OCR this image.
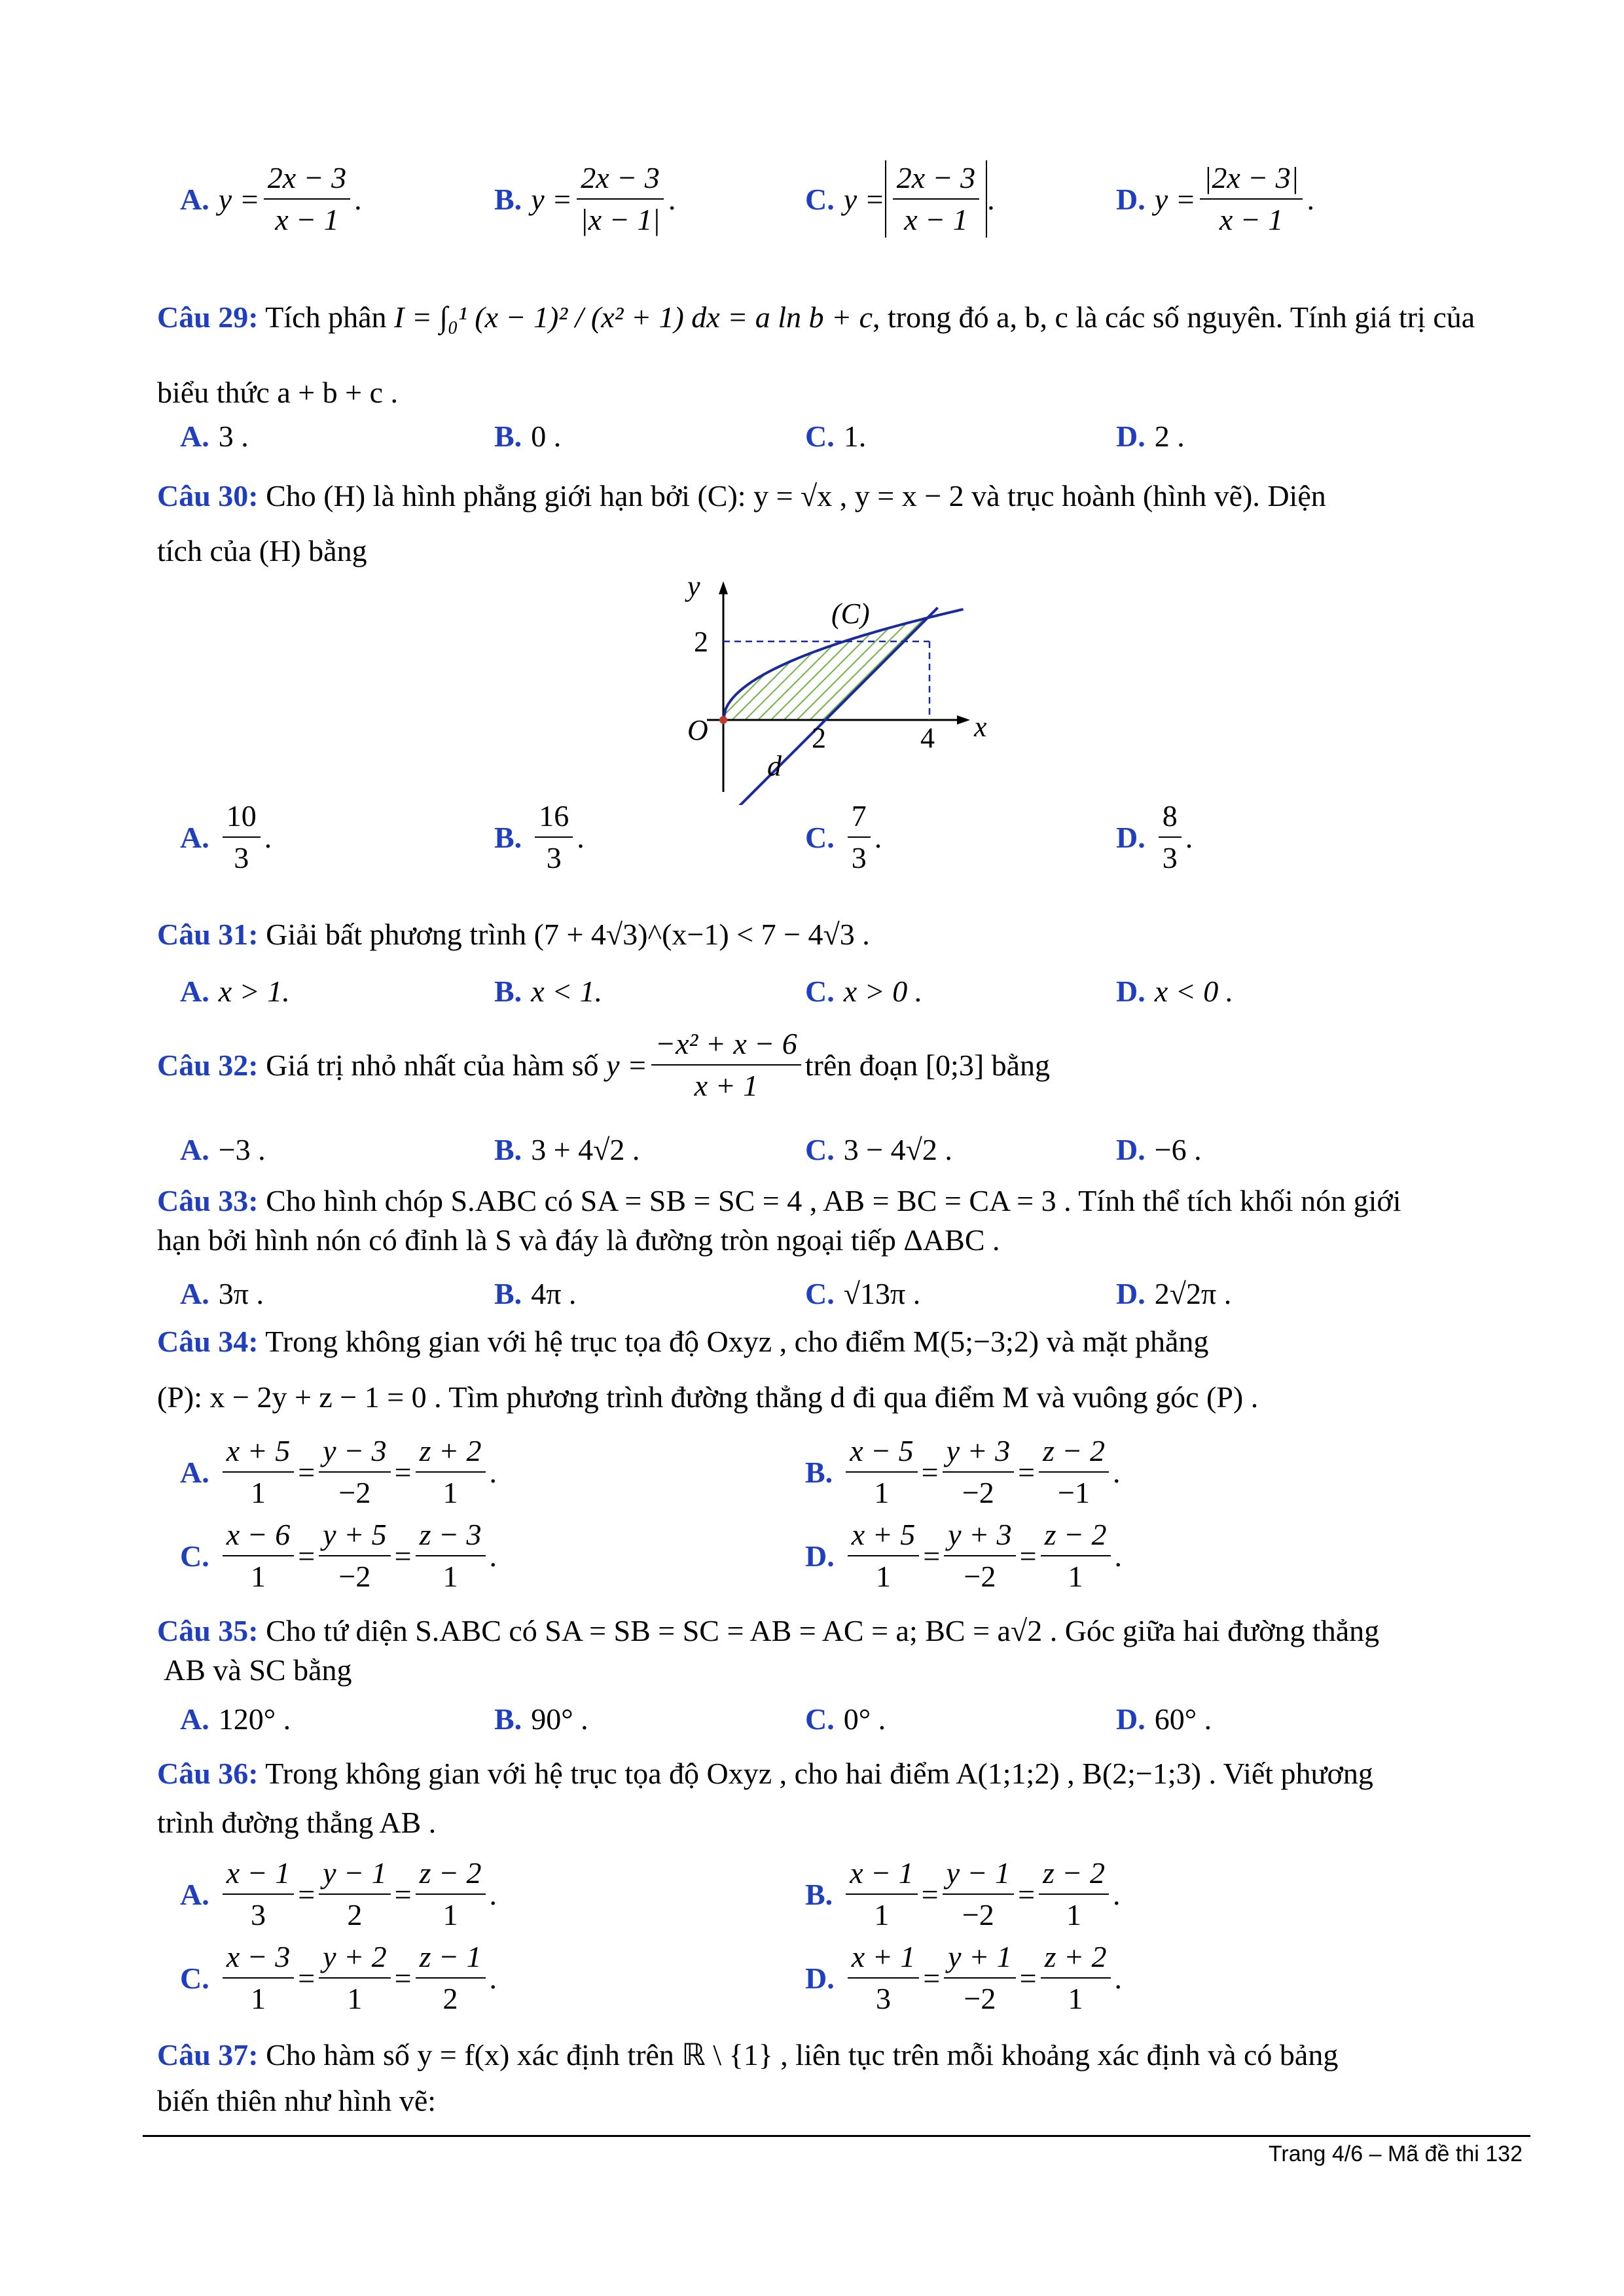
A. $y = \frac{2x - 3}{x - 1}$ .	B. $y = \frac{2x - 3}{|x - 1|}$ .	C. $y = \frac{2x - 3}{x - 1}$ .	D. $y = \frac{|2x - 3|}{x - 1}$ .
Câu 29: Tích phân I = ∫₀¹ (x − 1)² / (x² + 1) dx = a ln b + c, trong đó a, b, c là các số nguyên. Tính giá trị của
biểu thức a + b + c .
A. 3 .	B. 0 .	C. 1.	D. 2 .
Câu 30: Cho (H) là hình phẳng giới hạn bởi (C): y = √x , y = x − 2 và trục hoành (hình vẽ). Diện
tích của (H) bằng
y
x
O
2
2	4
(C)
d
A. $\frac{10}{3}$ .	B. $\frac{16}{3}$ .	C. $\frac{7}{3}$ .	D. $\frac{8}{3}$ .
Câu 31: Giải bất phương trình (7 + 4√3)^(x−1) < 7 − 4√3 .
A. x > 1.	B. x < 1.	C. x > 0 .	D. x < 0 .
Câu 32:
Giá trị nhỏ nhất của hàm số
$y = \frac{\text{−x² + x − 6}}{x + 1}$ trên đoạn [0;3] bằng
A. −3 .	B. 3 + 4√2 .	C. 3 − 4√2 .	D. −6 .
Câu 33: Cho hình chóp S.ABC có SA = SB = SC = 4 , AB = BC = CA = 3 . Tính thể tích khối nón giới
hạn bởi hình nón có đỉnh là S và đáy là đường tròn ngoại tiếp ΔABC .
A. 3π .	B. 4π .	C. √13π .	D. 2√2π .
Câu 34: Trong không gian với hệ trục tọa độ Oxyz , cho điểm M(5;−3;2) và mặt phẳng
(P): x − 2y + z − 1 = 0 . Tìm phương trình đường thẳng d đi qua điểm M và vuông góc (P) .
A. $\frac{x + 5}{1} = \frac{y - 3}{-2} = \frac{z + 2}{1}$ .	B. $\frac{x - 5}{1} = \frac{y + 3}{-2} = \frac{z - 2}{-1}$ .
C. $\frac{x - 6}{1} = \frac{y + 5}{-2} = \frac{z - 3}{1}$ .	D. $\frac{x + 5}{1} = \frac{y + 3}{-2} = \frac{z - 2}{1}$ .
Câu 35: Cho tứ diện S.ABC có SA = SB = SC = AB = AC = a; BC = a√2 . Góc giữa hai đường thẳng
AB và SC bằng
A. 120° .	B. 90° .	C. 0° .	D. 60° .
Câu 36: Trong không gian với hệ trục tọa độ Oxyz , cho hai điểm A(1;1;2) , B(2;−1;3) . Viết phương
trình đường thẳng AB .
A. $\frac{x - 1}{3} = \frac{y - 1}{2} = \frac{z - 2}{1}$ .	B. $\frac{x - 1}{1} = \frac{y - 1}{-2} = \frac{z - 2}{1}$ .
C. $\frac{x - 3}{1} = \frac{y + 2}{1} = \frac{z - 1}{2}$ .	D. $\frac{x + 1}{3} = \frac{y + 1}{-2} = \frac{z + 2}{1}$ .
Câu 37: Cho hàm số y = f(x) xác định trên ℝ \ {1} , liên tục trên mỗi khoảng xác định và có bảng
biến thiên như hình vẽ:
Trang 4/6 – Mã đề thi 132
